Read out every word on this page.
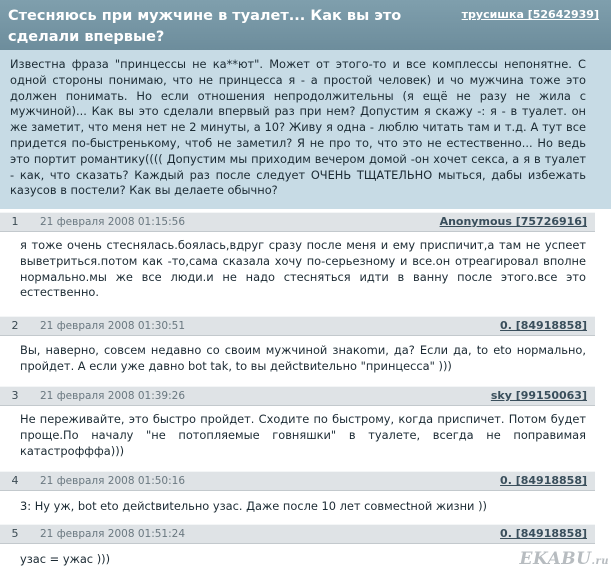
Стесняюсь при мужчине в туалет... Как вы это сделали впервые?
трусишка [52642939]
Известна фраза "принцессы не ка**ют". Может от этого-то и все комплессы непонятне. С одной стороны понимаю, что не принцесса я - а простой человек) и чо мужчина тоже это должен понимать. Но если отношения непродолжительны (я ещё не разу не жила с мужчиной)... Как вы это сделали впервый раз при нем? Допустим я скажу -: я - в туалет. он же заметит, что меня нет не 2 минуты, а 10? Живу я одна - люблю читать там и т.д. А тут все придется по-быстренькому, чтоб не заметил? Я не про то, что это не естественно... Но ведь это портит романтику(((( Допустим мы приходим вечером домой -он хочет секса, а я в туалет - как, что сказать? Каждый раз после следует ОЧЕНЬ ТЩАТЕЛЬНО мыться, дабы избежать казусов в постели? Как вы делаете обычно?
1	21 февраля 2008 01:15:56	Anonymous [75726916]
я тоже очень стеснялась.боялась,вдруг сразу после меня и ему приспичит,а там не успеет выветриться.потом как -то,сама сказала хочу по-серьезному и все.он отреагировал вполне нормально.мы же все люди.и не надо стесняться идти в ванну после этого.все это естественно.
2	21 февраля 2008 01:30:51	0. [84918858]
Вы, наверно, совсем недавно со своим мужчиной знакоmи, да? Если да, to eto нормально, пройдет. А если уже давно bot tak, to вы дейсtвиtельно "принцесса" )))
3	21 февраля 2008 01:39:26	sky [99150063]
Не переживайте, это быстро пройдет. Сходите по быстрому, когда приспичет. Потом будет проще.По началу "не потопляемые говняшки" в туалете, всегда не поправимая катастрофффа)))
4	21 февраля 2008 01:50:16	0. [84918858]
3: Ну уж, bot eto дейсtвиtельно узас. Даже после 10 лет совмесtной жизни ))
5	21 февраля 2008 01:51:24	0. [84918858]
узас = ужас )))	EKABU.ru
